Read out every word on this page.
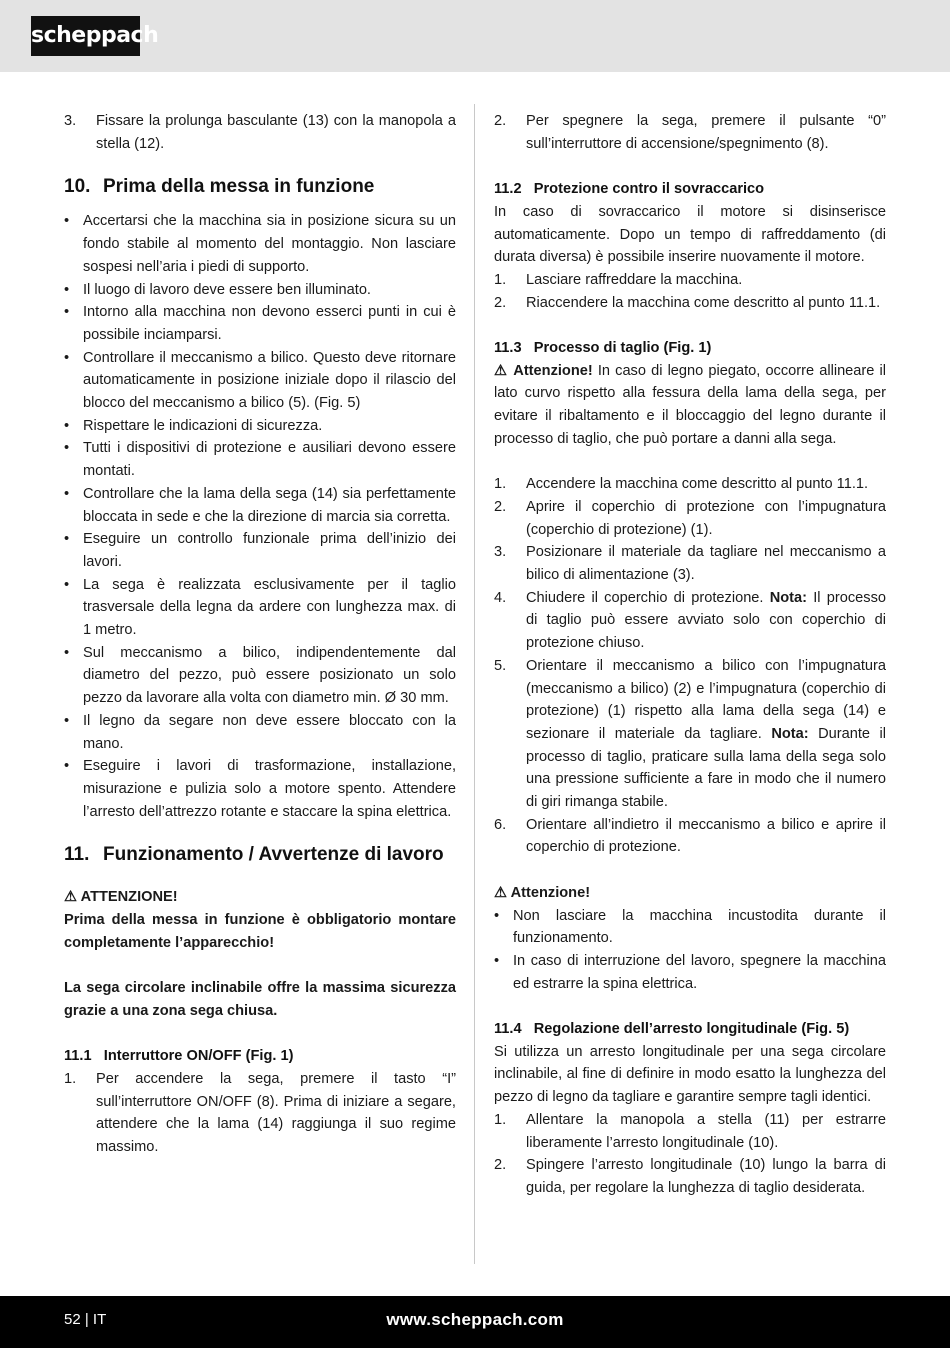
scheppach
3. Fissare la prolunga basculante (13) con la manopola a stella (12).
10. Prima della messa in funzione
• Accertarsi che la macchina sia in posizione sicura su un fondo stabile al momento del montaggio. Non lasciare sospesi nell’aria i piedi di supporto.
• Il luogo di lavoro deve essere ben illuminato.
• Intorno alla macchina non devono esserci punti in cui è possibile inciamparsi.
• Controllare il meccanismo a bilico. Questo deve ritornare automaticamente in posizione iniziale dopo il rilascio del blocco del meccanismo a bilico (5). (Fig. 5)
• Rispettare le indicazioni di sicurezza.
• Tutti i dispositivi di protezione e ausiliari devono essere montati.
• Controllare che la lama della sega (14) sia perfettamente bloccata in sede e che la direzione di marcia sia corretta.
• Eseguire un controllo funzionale prima dell’inizio dei lavori.
• La sega è realizzata esclusivamente per il taglio trasversale della legna da ardere con lunghezza max. di 1 metro.
• Sul meccanismo a bilico, indipendentemente dal diametro del pezzo, può essere posizionato un solo pezzo da lavorare alla volta con diametro min. Ø 30 mm.
• Il legno da segare non deve essere bloccato con la mano.
• Eseguire i lavori di trasformazione, installazione, misurazione e pulizia solo a motore spento. Attendere l’arresto dell’attrezzo rotante e staccare la spina elettrica.
11. Funzionamento / Avvertenze di lavoro

⚠ ATTENZIONE!

Prima della messa in funzione è obbligatorio montare completamente l’apparecchio!

La sega circolare inclinabile offre la massima sicurezza grazie a una zona sega chiusa.

11.1   Interruttore ON/OFF (Fig. 1)
1. Per accendere la sega, premere il tasto “I” sull’interruttore ON/OFF (8). Prima di iniziare a segare, attendere che la lama (14) raggiunga il suo regime massimo.
2. Per spegnere la sega, premere il pulsante “0” sull’interruttore di accensione/spegnimento (8).
11.2   Protezione contro il sovraccarico

In caso di sovraccarico il motore si disinserisce automaticamente. Dopo un tempo di raffreddamento (di durata diversa) è possibile inserire nuovamente il motore.

1. Lasciare raffreddare la macchina.
2. Riaccendere la macchina come descritto al punto 11.1.
11.3   Processo di taglio (Fig. 1)

⚠ Attenzione! In caso di legno piegato, occorre allineare il lato curvo rispetto alla fessura della lama della sega, per evitare il ribaltamento e il bloccaggio del legno durante il processo di taglio, che può portare a danni alla sega.

1. Accendere la macchina come descritto al punto 11.1.
2. Aprire il coperchio di protezione con l’impugnatura (coperchio di protezione) (1).
3. Posizionare il materiale da tagliare nel meccanismo a bilico di alimentazione (3).
4. Chiudere il coperchio di protezione. Nota: Il processo di taglio può essere avviato solo con coperchio di protezione chiuso.
5. Orientare il meccanismo a bilico con l’impugnatura (meccanismo a bilico) (2) e l’impugnatura (coperchio di protezione) (1) rispetto alla lama della sega (14) e sezionare il materiale da tagliare. Nota: Durante il processo di taglio, praticare sulla lama della sega solo una pressione sufficiente a fare in modo che il numero di giri rimanga stabile.
6. Orientare all’indietro il meccanismo a bilico e aprire il coperchio di protezione.

⚠ Attenzione!

• Non lasciare la macchina incustodita durante il funzionamento.
• In caso di interruzione del lavoro, spegnere la macchina ed estrarre la spina elettrica.
11.4   Regolazione dell’arresto longitudinale (Fig. 5)

Si utilizza un arresto longitudinale per una sega circolare inclinabile, al fine di definire in modo esatto la lunghezza del pezzo di legno da tagliare e garantire sempre tagli identici.

1. Allentare la manopola a stella (11) per estrarre liberamente l’arresto longitudinale (10).
2. Spingere l’arresto longitudinale (10) lungo la barra di guida, per regolare la lunghezza di taglio desiderata.
52 | IT	www.scheppach.com
